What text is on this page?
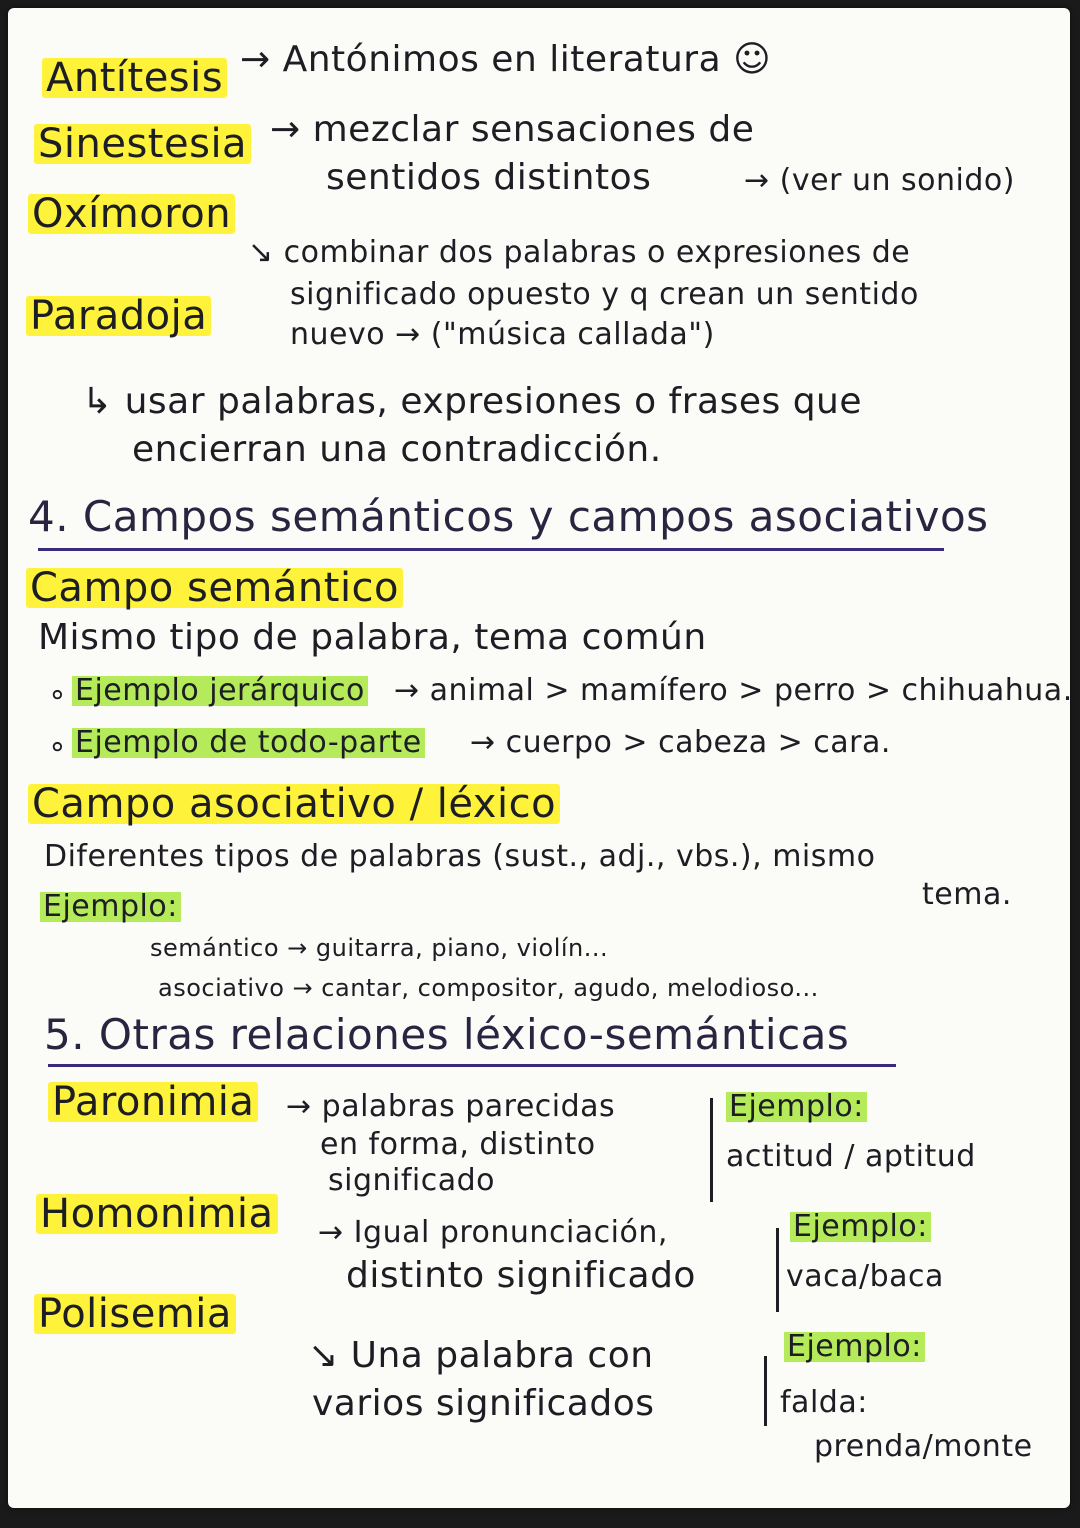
Antítesis → Antónimos en literatura ☺
Sinestesia → mezclar sensaciones de
sentidos distintos	→ (ver un sonido)
Oxímoron
↘ combinar dos palabras o expresiones de
significado opuesto y q crean un sentido
nuevo → ("música callada")
Paradoja
↳ usar palabras, expresiones o frases que
encierran una contradicción.
4. Campos semánticos y campos asociativos
Campo semántico
Mismo tipo de palabra, tema común
∘ Ejemplo jerárquico → animal > mamífero > perro > chihuahua.
∘ Ejemplo de todo-parte → cuerpo > cabeza > cara.
Campo asociativo / léxico
Diferentes tipos de palabras (sust., adj., vbs.), mismo
tema.
Ejemplo:
semántico → guitarra, piano, violín...
asociativo → cantar, compositor, agudo, melodioso...
5. Otras relaciones léxico-semánticas
Paronimia → palabras parecidas
en forma, distinto
significado
Ejemplo:
actitud / aptitud
Homonimia → Igual pronunciación,
distinto significado
Ejemplo:
vaca/baca
Polisemia
↘ Una palabra con
varios significados
Ejemplo:
falda:
prenda/monte
